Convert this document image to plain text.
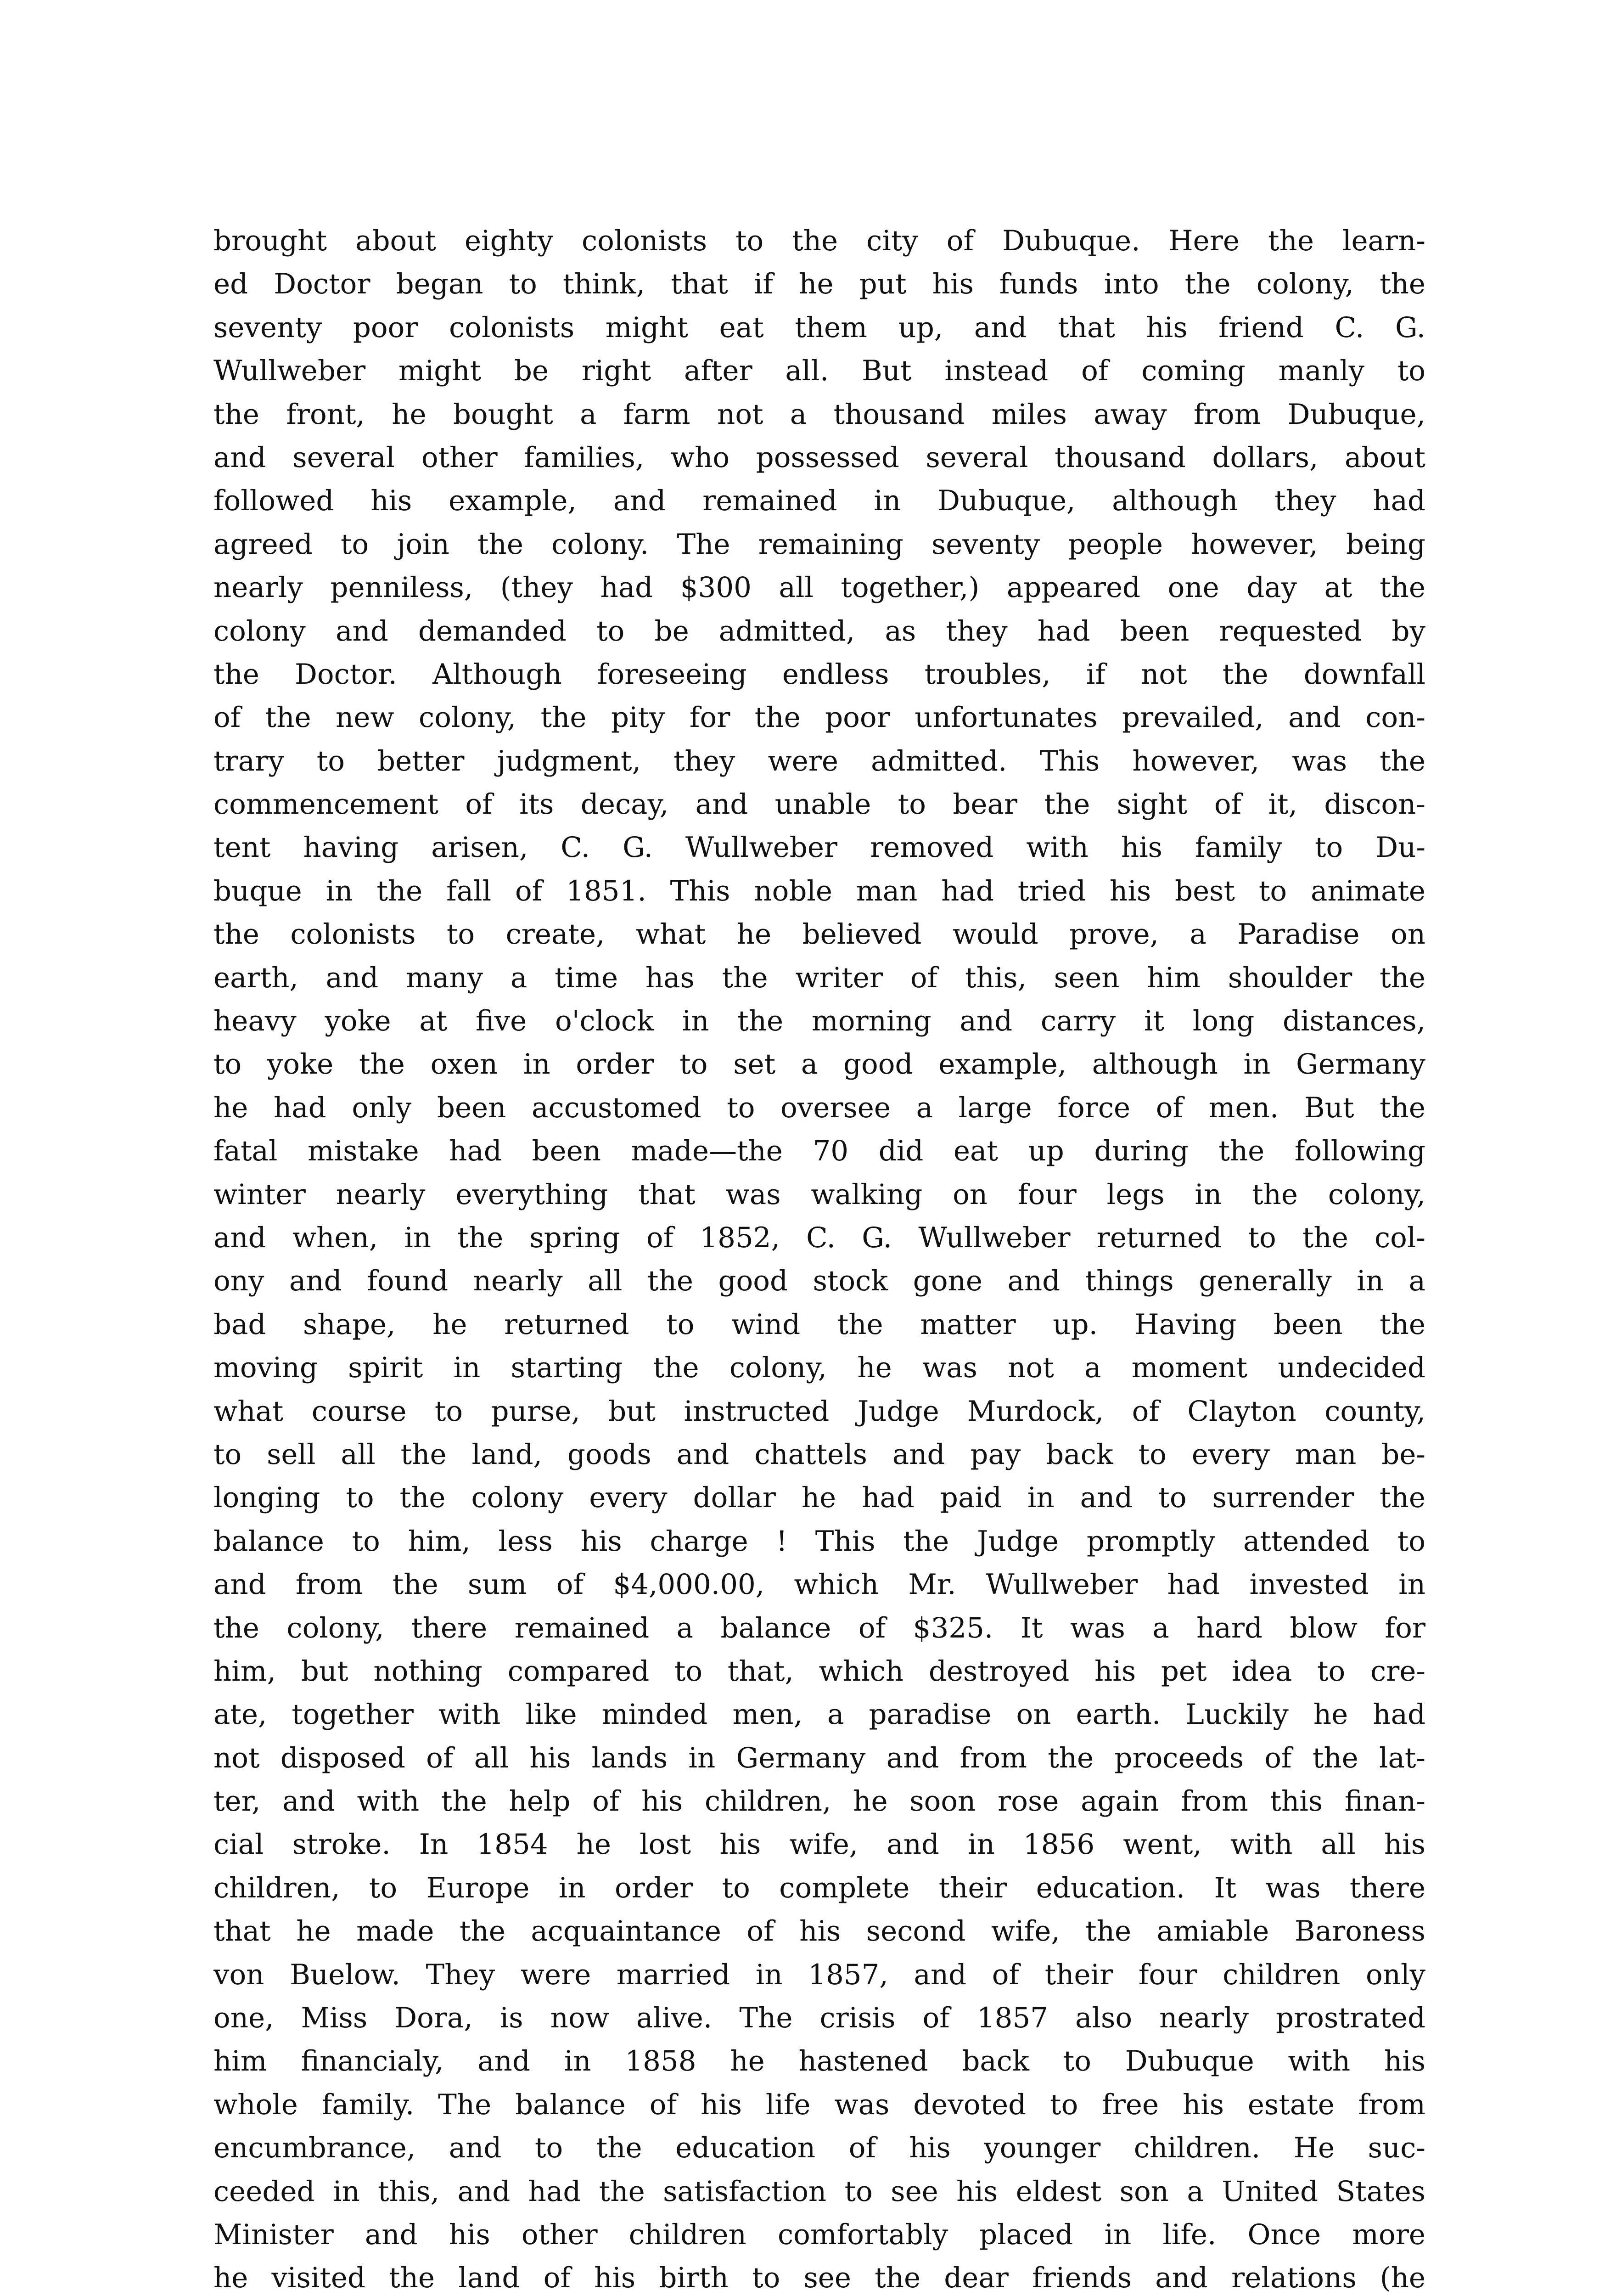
brought about eighty colonists to the city of Dubuque. Here the learn-
ed Doctor began to think, that if he put his funds into the colony, the
seventy poor colonists might eat them up, and that his friend C. G.
Wullweber might be right after all. But instead of coming manly to
the front, he bought a farm not a thousand miles away from Dubuque,
and several other families, who possessed several thousand dollars, about
followed his example, and remained in Dubuque, although they had
agreed to join the colony. The remaining seventy people however, being
nearly penniless, (they had $300 all together,) appeared one day at the
colony and demanded to be admitted, as they had been requested by
the Doctor. Although foreseeing endless troubles, if not the downfall
of the new colony, the pity for the poor unfortunates prevailed, and con-
trary to better judgment, they were admitted. This however, was the
commencement of its decay, and unable to bear the sight of it, discon-
tent having arisen, C. G. Wullweber removed with his family to Du-
buque in the fall of 1851. This noble man had tried his best to animate
the colonists to create, what he believed would prove, a Paradise on
earth, and many a time has the writer of this, seen him shoulder the
heavy yoke at five o'clock in the morning and carry it long distances,
to yoke the oxen in order to set a good example, although in Germany
he had only been accustomed to oversee a large force of men. But the
fatal mistake had been made—the 70 did eat up during the following
winter nearly everything that was walking on four legs in the colony,
and when, in the spring of 1852, C. G. Wullweber returned to the col-
ony and found nearly all the good stock gone and things generally in a
bad shape, he returned to wind the matter up. Having been the
moving spirit in starting the colony, he was not a moment undecided
what course to purse, but instructed Judge Murdock, of Clayton county,
to sell all the land, goods and chattels and pay back to every man be-
longing to the colony every dollar he had paid in and to surrender the
balance to him, less his charge ! This the Judge promptly attended to
and from the sum of $4,000.00, which Mr. Wullweber had invested in
the colony, there remained a balance of $325. It was a hard blow for
him, but nothing compared to that, which destroyed his pet idea to cre-
ate, together with like minded men, a paradise on earth. Luckily he had
not disposed of all his lands in Germany and from the proceeds of the lat-
ter, and with the help of his children, he soon rose again from this finan-
cial stroke. In 1854 he lost his wife, and in 1856 went, with all his
children, to Europe in order to complete their education. It was there
that he made the acquaintance of his second wife, the amiable Baroness
von Buelow. They were married in 1857, and of their four children only
one, Miss Dora, is now alive. The crisis of 1857 also nearly prostrated
him financialy, and in 1858 he hastened back to Dubuque with his
whole family. The balance of his life was devoted to free his estate from
encumbrance, and to the education of his younger children. He suc-
ceeded in this, and had the satisfaction to see his eldest son a United States
Minister and his other children comfortably placed in life. Once more
he visited the land of his birth to see the dear friends and relations (he
